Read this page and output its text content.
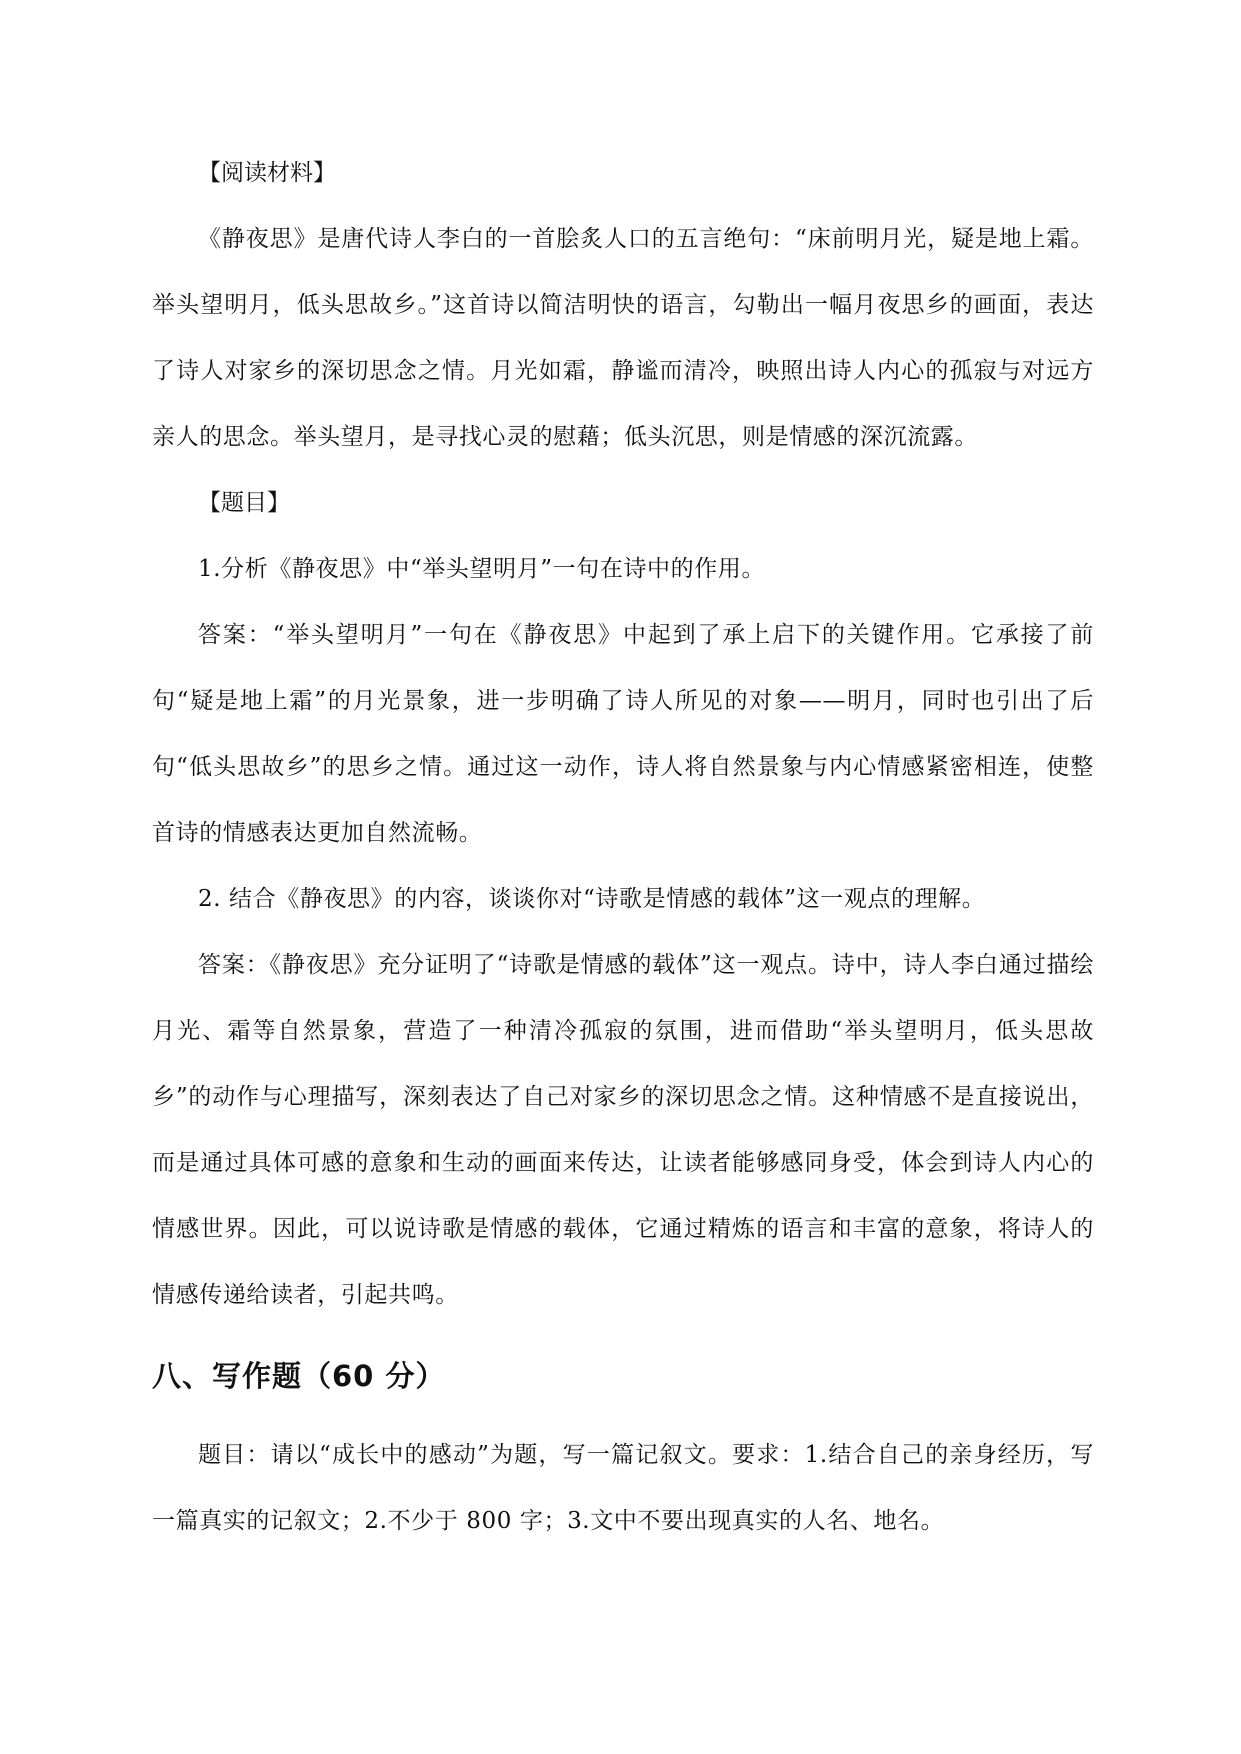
【阅读材料】

《静夜思》是唐代诗人李白的一首脍炙人口的五言绝句：“床前明月光，疑是地上霜。举头望明月，低头思故乡。”这首诗以简洁明快的语言，勾勒出一幅月夜思乡的画面，表达了诗人对家乡的深切思念之情。月光如霜，静谧而清冷，映照出诗人内心的孤寂与对远方亲人的思念。举头望月，是寻找心灵的慰藉；低头沉思，则是情感的深沉流露。

【题目】

1.分析《静夜思》中“举头望明月”一句在诗中的作用。

答案：“举头望明月”一句在《静夜思》中起到了承上启下的关键作用。它承接了前句“疑是地上霜”的月光景象，进一步明确了诗人所见的对象——明月，同时也引出了后句“低头思故乡”的思乡之情。通过这一动作，诗人将自然景象与内心情感紧密相连，使整首诗的情感表达更加自然流畅。

2. 结合《静夜思》的内容，谈谈你对“诗歌是情感的载体”这一观点的理解。

答案：《静夜思》充分证明了“诗歌是情感的载体”这一观点。诗中，诗人李白通过描绘月光、霜等自然景象，营造了一种清冷孤寂的氛围，进而借助“举头望明月，低头思故乡”的动作与心理描写，深刻表达了自己对家乡的深切思念之情。这种情感不是直接说出，而是通过具体可感的意象和生动的画面来传达，让读者能够感同身受，体会到诗人内心的情感世界。因此，可以说诗歌是情感的载体，它通过精炼的语言和丰富的意象，将诗人的情感传递给读者，引起共鸣。

八、写作题（60 分）

题目：请以“成长中的感动”为题，写一篇记叙文。要求：1.结合自己的亲身经历，写一篇真实的记叙文；2.不少于 800 字；3.文中不要出现真实的人名、地名。
